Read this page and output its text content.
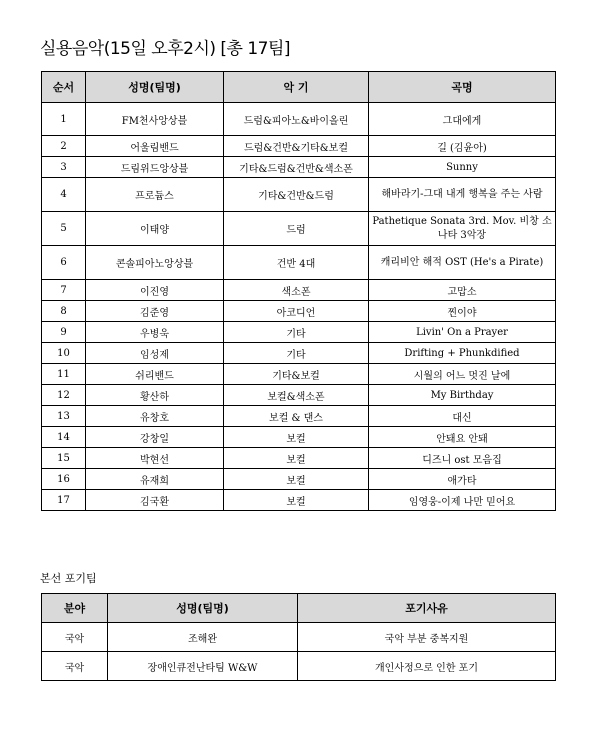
실용음악(15일 오후2시) [총 17팀]
순서	성명(팀명)	악 기	곡명
1	FM천사앙상블	드럼&피아노&바이올린	그대에게
2	어울림밴드	드럼&건반&기타&보컬	길 (김윤아)
3	드림위드앙상블	기타&드럼&건반&색소폰	Sunny
4	프로듐스	기타&건반&드럼	해바라기-그대 내게 행복을 주는 사람
5	이태양	드럼	Pathetique Sonata 3rd. Mov. 비창 소나타 3악장
6	콘솔피아노앙상블	건반 4대	캐리비안 해적 OST (He's a Pirate)
7	이진영	색소폰	고맙소
8	김준영	아코디언	찐이야
9	우병욱	기타	Livin' On a Prayer
10	임성제	기타	Drifting + Phunkdified
11	쉬리밴드	기타&보컬	시월의 어느 멋진 날에
12	황산하	보컬&색소폰	My Birthday
13	유창호	보컬 & 댄스	대신
14	강창일	보컬	안돼요 안돼
15	박현선	보컬	디즈니 ost 모음집
16	유재희	보컬	애가타
17	김국환	보컬	임영웅-이제 나만 믿어요
본선 포기팀
분야	성명(팀명)	포기사유
국악	조해완	국악 부분 중복지원
국악	장애인큐전난타팀 W&W	개인사정으로 인한 포기
